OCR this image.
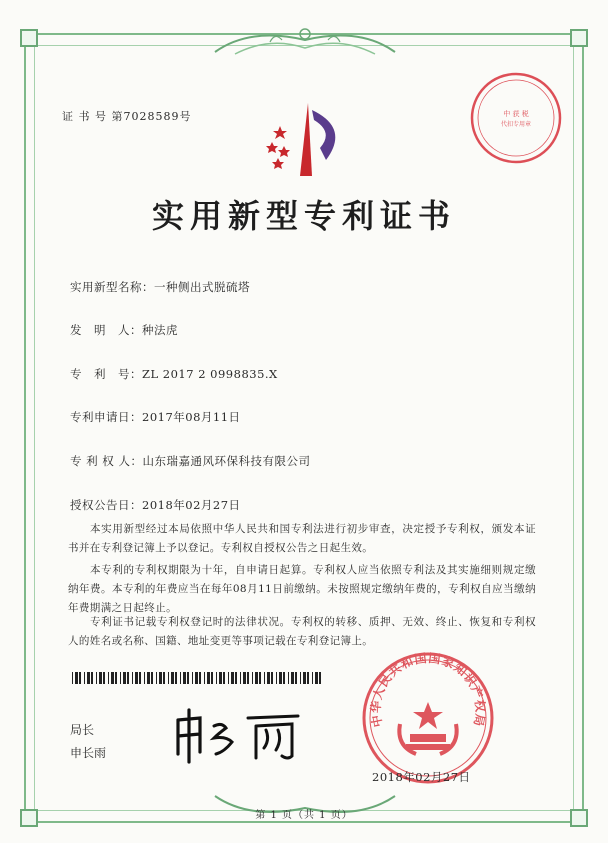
证 书 号 第7028589号	中 获 税
代扣专用章
实用新型专利证书
实用新型名称：一种侧出式脱硫塔
发　明　人：种法虎
专　利　号：ZL 2017 2 0998835.X
专利申请日：2017年08月11日
专 利 权 人：山东瑞嘉通风环保科技有限公司
授权公告日：2018年02月27日
本实用新型经过本局依照中华人民共和国专利法进行初步审查，决定授予专利权，颁发本证书并在专利登记簿上予以登记。专利权自授权公告之日起生效。
本专利的专利权期限为十年，自申请日起算。专利权人应当依照专利法及其实施细则规定缴纳年费。本专利的年费应当在每年08月11日前缴纳。未按照规定缴纳年费的，专利权自应当缴纳年费期满之日起终止。
专利证书记载专利权登记时的法律状况。专利权的转移、质押、无效、终止、恢复和专利权人的姓名或名称、国籍、地址变更等事项记载在专利登记簿上。
局长
申长雨
中华人民共和国国家知识产权局
2018年02月27日
第 1 页（共 1 页）
